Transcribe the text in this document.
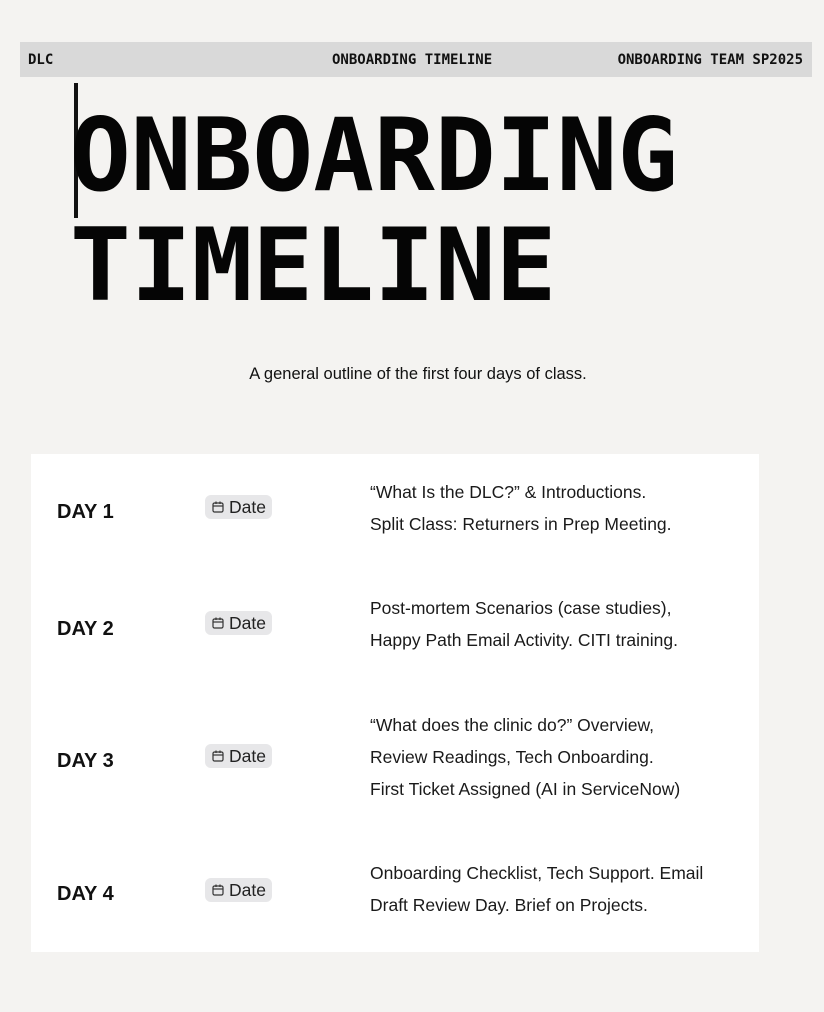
DLC	ONBOARDING TIMELINE	ONBOARDING TEAM SP2025
ONBOARDING
TIMELINE
A general outline of the first four days of class.
DAY 1	Date
“What Is the DLC?” & Introductions.
Split Class: Returners in Prep Meeting.
DAY 2	Date
Post-mortem Scenarios (case studies),
Happy Path Email Activity. CITI training.
DAY 3	Date
“What does the clinic do?” Overview,
Review Readings, Tech Onboarding.
First Ticket Assigned (AI in ServiceNow)
DAY 4	Date
Onboarding Checklist, Tech Support. Email
Draft Review Day. Brief on Projects.
